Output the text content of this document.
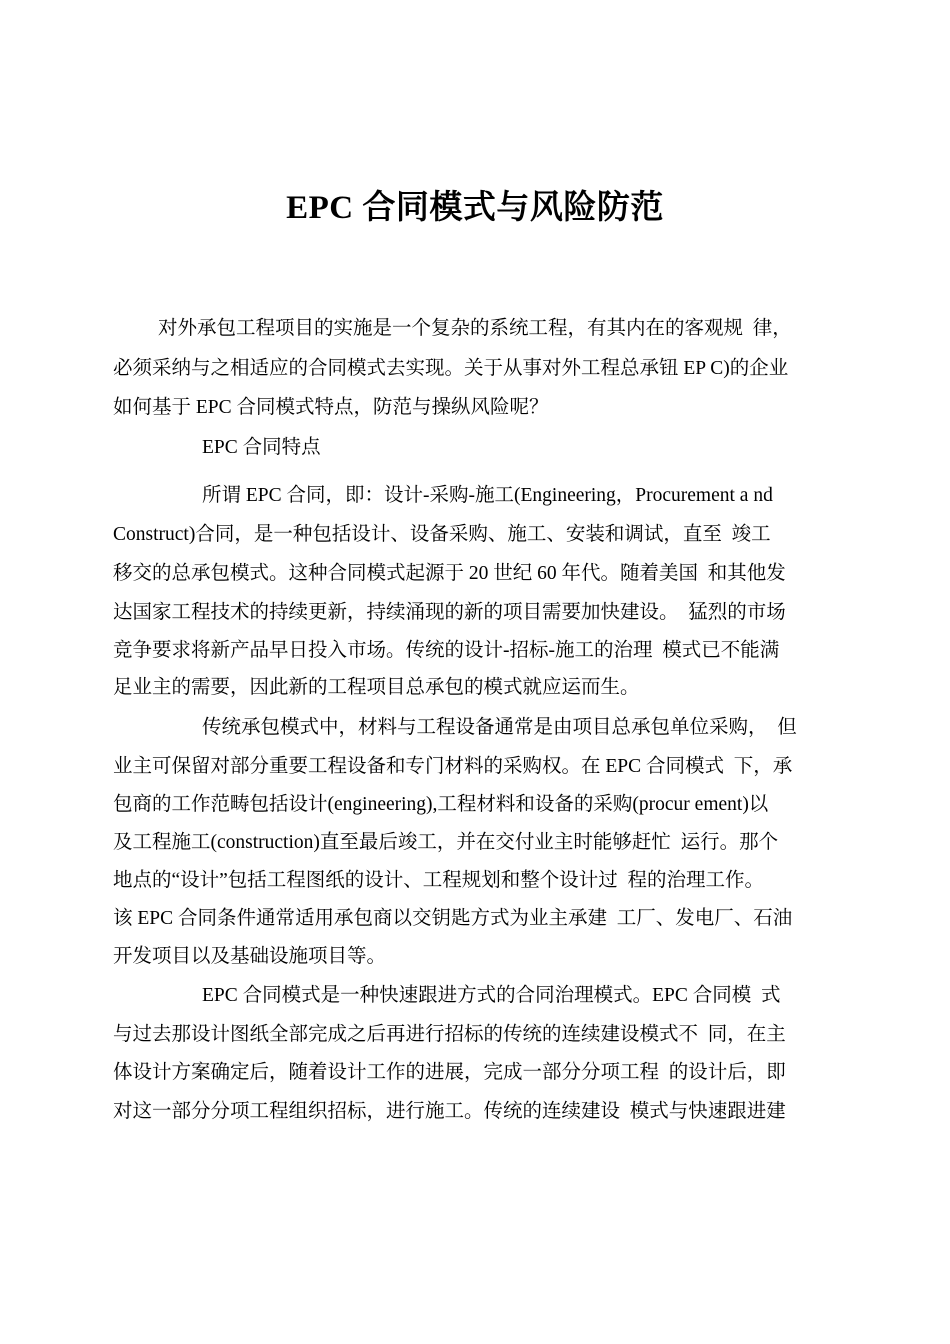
EPC 合同模式与风险防范

对外承包工程项目的实施是一个复杂的系统工程，有其内在的客观规  律，

必须采纳与之相适应的合同模式去实现。关于从事对外工程总承钮 EP C)的企业

如何基于 EPC 合同模式特点，防范与操纵风险呢？

EPC 合同特点

所谓 EPC 合同，即：设计-采购-施工(Engineering，Procurement a nd

Construct)合同，是一种包括设计、设备采购、施工、安装和调试，直至  竣工

移交的总承包模式。这种合同模式起源于 20 世纪 60 年代。随着美国  和其他发

达国家工程技术的持续更新，持续涌现的新的项目需要加快建设。  猛烈的市场

竞争要求将新产品早日投入市场。传统的设计-招标-施工的治理  模式已不能满

足业主的需要，因此新的工程项目总承包的模式就应运而生。

传统承包模式中，材料与工程设备通常是由项目总承包单位采购，  但

业主可保留对部分重要工程设备和专门材料的采购权。在 EPC 合同模式  下，承

包商的工作范畴包括设计(engineering),工程材料和设备的采购(procur ement)以

及工程施工(construction)直至最后竣工，并在交付业主时能够赶忙  运行。那个

地点的“设计”包括工程图纸的设计、工程规划和整个设计过  程的治理工作。

该 EPC 合同条件通常适用承包商以交钥匙方式为业主承建  工厂、发电厂、石油

开发项目以及基础设施项目等。

EPC 合同模式是一种快速跟进方式的合同治理模式。EPC 合同模  式

与过去那设计图纸全部完成之后再进行招标的传统的连续建设模式不  同，在主

体设计方案确定后，随着设计工作的进展，完成一部分分项工程  的设计后，即

对这一部分分项工程组织招标，进行施工。传统的连续建设  模式与快速跟进建
